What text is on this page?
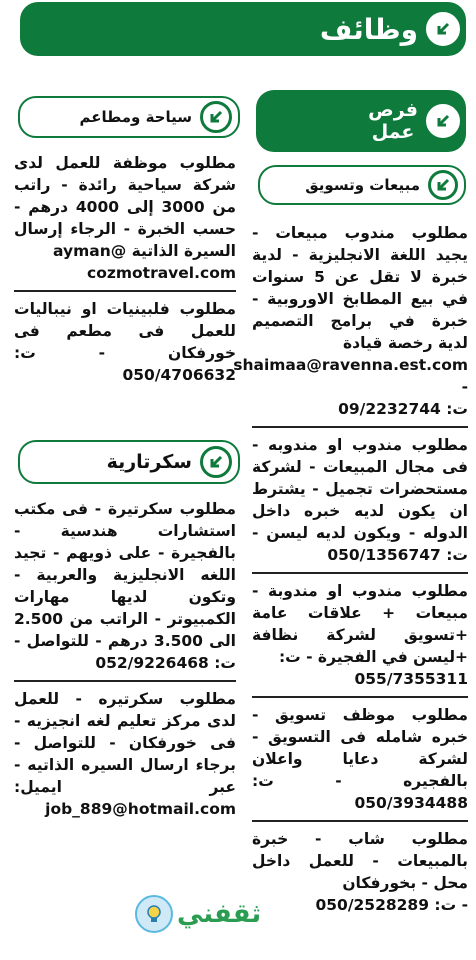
وظائف
فرص
عمل
مبيعات وتسويق
مطلوب مندوب مبيعات - يجيد اللغة الانجليزية - لدية خبرة لا تقل عن 5 سنوات في بيع المطابخ الاوروبية - خبرة في برامج التصميم لدية رخصة قيادة
shaimaa@ravenna.est.com -
ت: 09/2232744
مطلوب مندوب او مندوبه - فى مجال المبيعات - لشركة مستحضرات تجميل - يشترط ان يكون لديه خبره داخل الدوله - ويكون لديه ليسن - ت: 050/1356747
مطلوب مندوب او مندوبة - مبيعات + علاقات عامة +تسويق لشركة نظافة +ليسن في الفجيرة - ت:
055/7355311
مطلوب موظف تسويق - خبره شامله فى التسويق - لشركة دعايا واعلان بالفجيره - ت: 050/3934488
مطلوب شاب - خبرة بالمبيعات - للعمل داخل محل - بخورفكان
- ت: 050/2528289
سياحة ومطاعم
مطلوب موظفة للعمل لدى شركة سياحية رائدة - راتب من 3000 إلى 4000 درهم - حسب الخبرة - الرجاء إرسال السيرة الذاتية @ayman
cozmotravel.com
مطلوب فلبينيات او نيباليات للعمل فى مطعم فى خورفكان - ت: 050/4706632
سكرتارية
مطلوب سكرتيرة - فى مكتب استشارات هندسية - بالفجيرة - على ذويهم - تجيد اللغه الانجليزية والعربية - وتكون لديها مهارات الكمبيوتر - الراتب من 2.500 الى 3.500 درهم - للتواصل - ت: 052/9226468
مطلوب سكرتيره - للعمل لدى مركز تعليم لغه انجيزيه - فى خورفكان - للتواصل - برجاء ارسال السيره الذاتيه - عبر ايميل: job_889@hotmail.com
ثقفني
